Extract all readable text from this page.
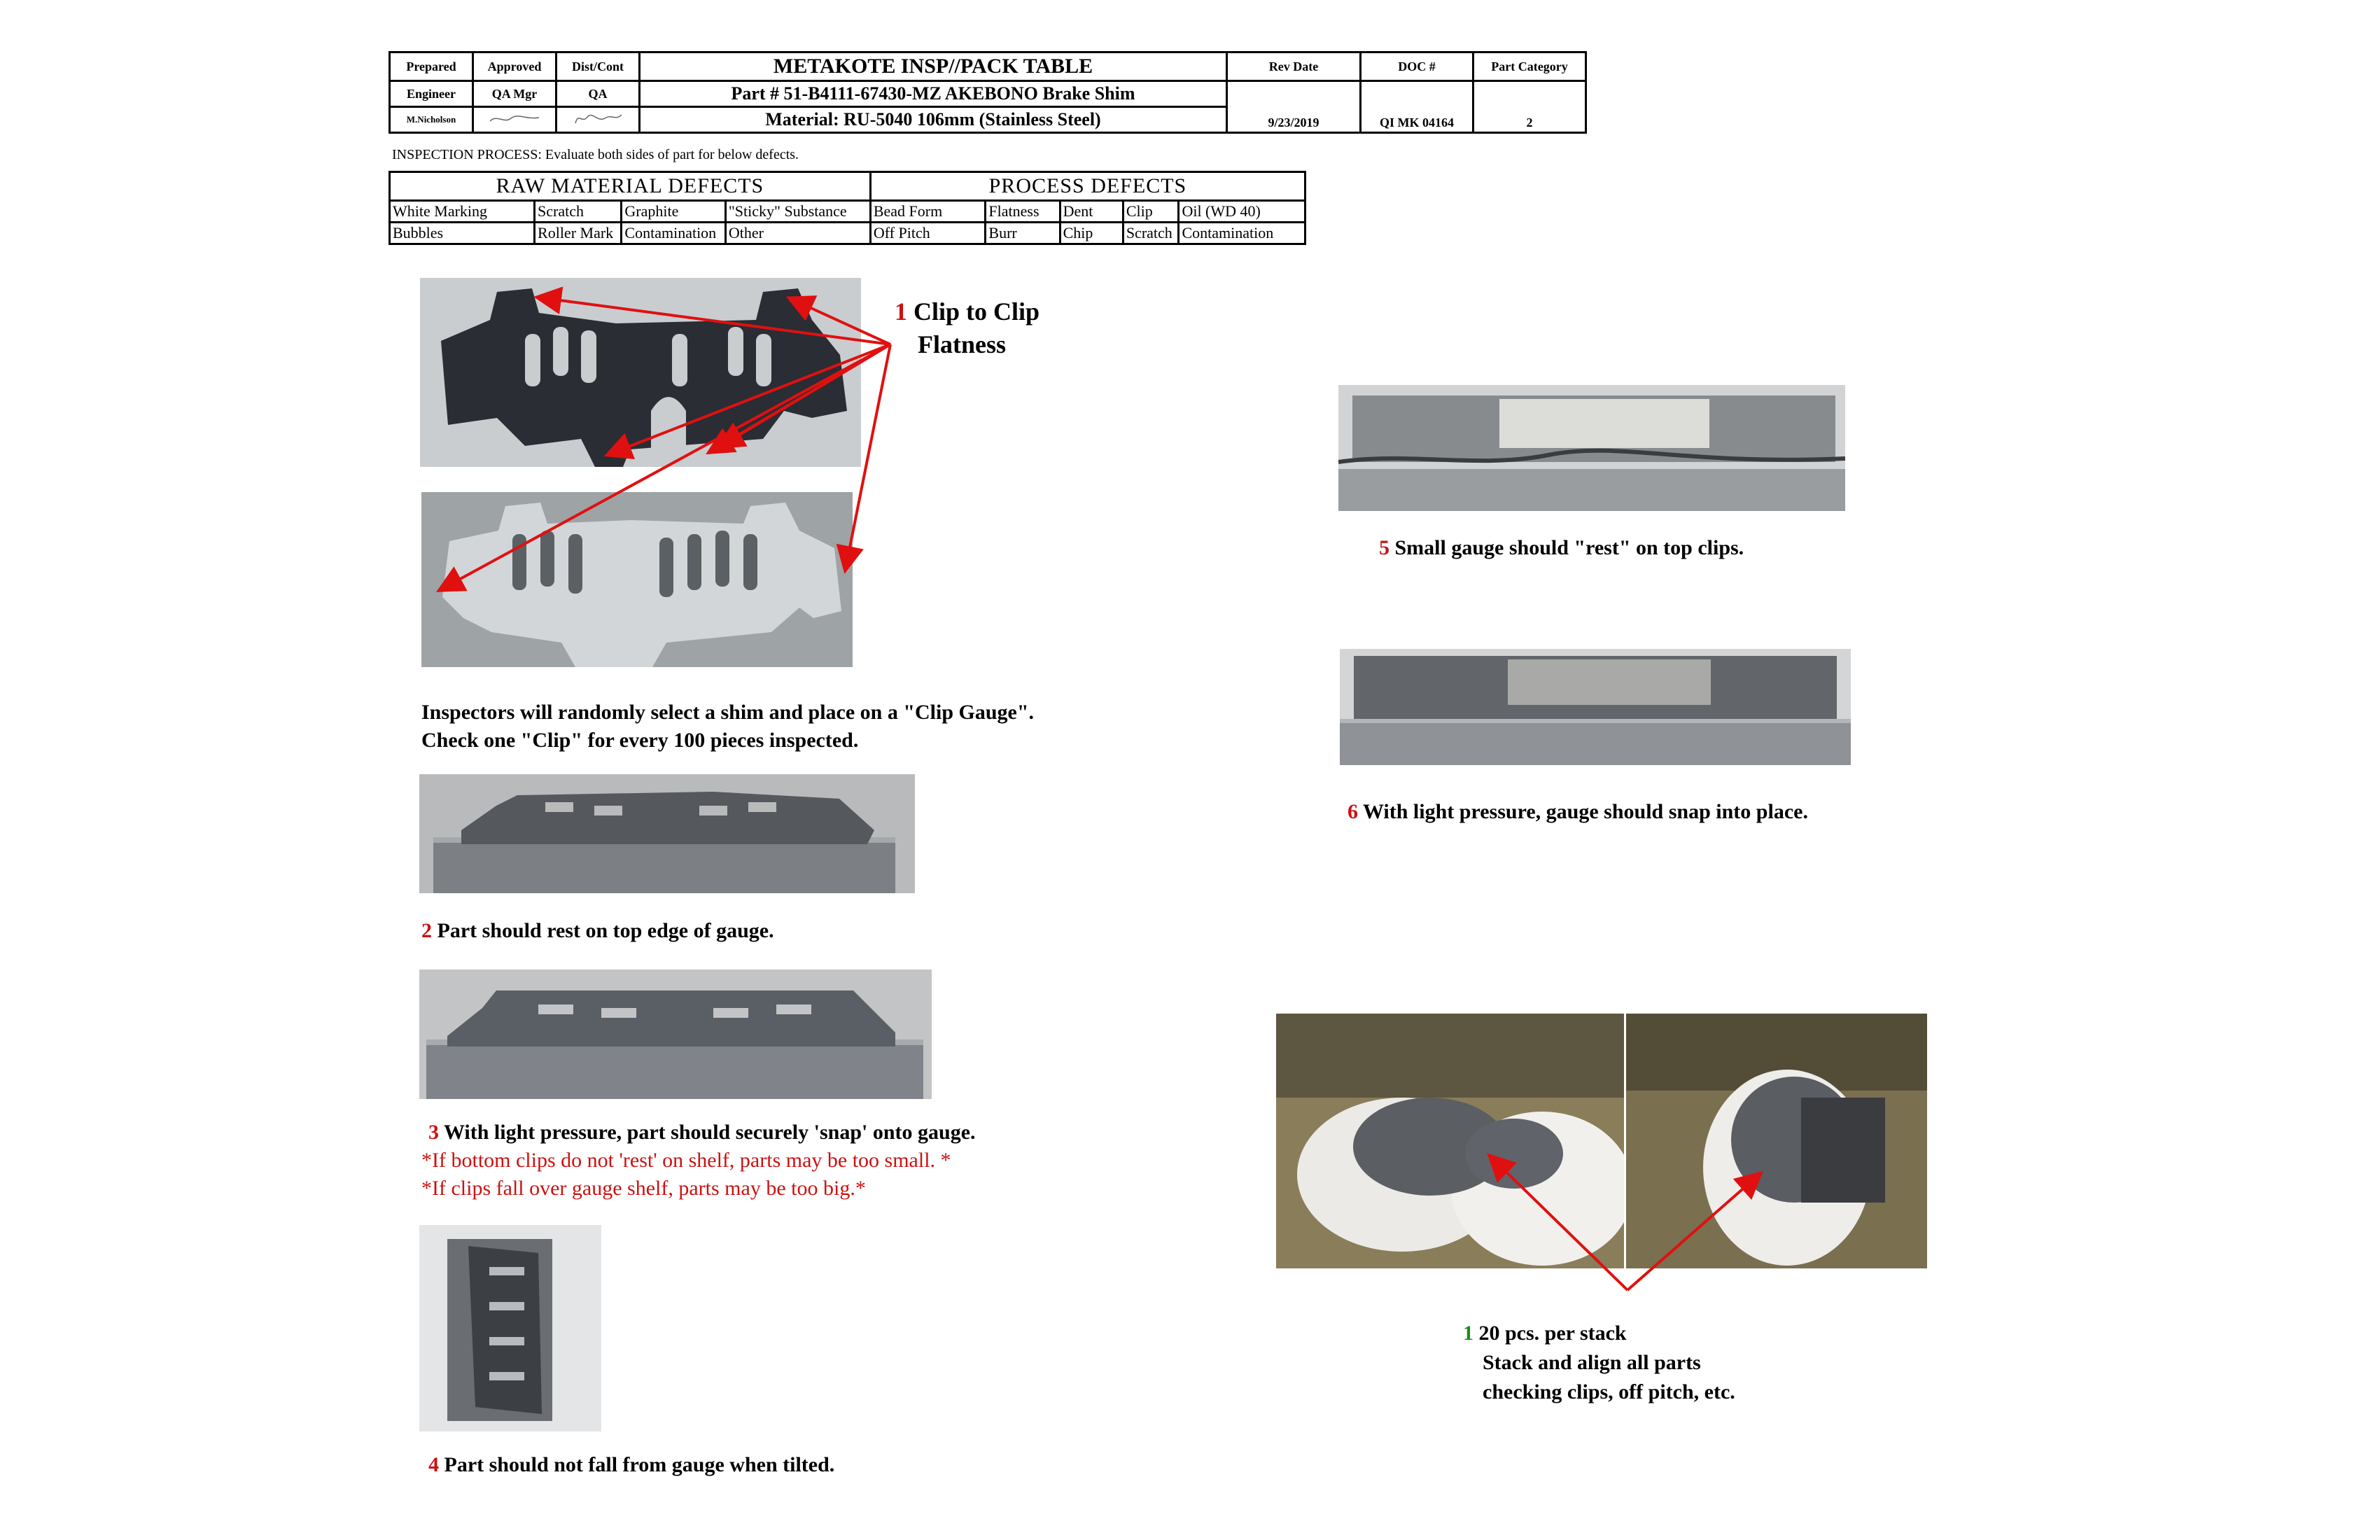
Prepared	Approved	Dist/Cont	METAKOTE INSP//PACK TABLE	Rev Date	DOC #	Part Category
Engineer	QA Mgr	QA	Part # 51-B4111-67430-MZ AKEBONO Brake Shim	9/23/2019	QI MK 04164	2
M.Nicholson			Material: RU-5040 106mm (Stainless Steel)			
INSPECTION PROCESS: Evaluate both sides of part for below defects.
RAW MATERIAL DEFECTS				PROCESS DEFECTS				
White Marking	Scratch	Graphite	"Sticky" Substance	Bead Form	Flatness	Dent	Clip	Oil (WD 40)
Bubbles	Roller Mark	Contamination	Other	Off Pitch	Burr	Chip	Scratch	Contamination
1 Clip to Clip
Flatness
Inspectors will randomly select a shim and place on a "Clip Gauge".
Check one "Clip" for every 100 pieces inspected.
2 Part should rest on top edge of gauge.
3 With light pressure, part should securely 'snap' onto gauge.
*If bottom clips do not 'rest' on shelf, parts may be too small. *
*If clips fall over gauge shelf, parts may be too big.*
4 Part should not fall from gauge when tilted.
5 Small gauge should "rest" on top clips.
6 With light pressure, gauge should snap into place.
1 20 pcs. per stack
Stack and align all parts
checking clips, off pitch, etc.
